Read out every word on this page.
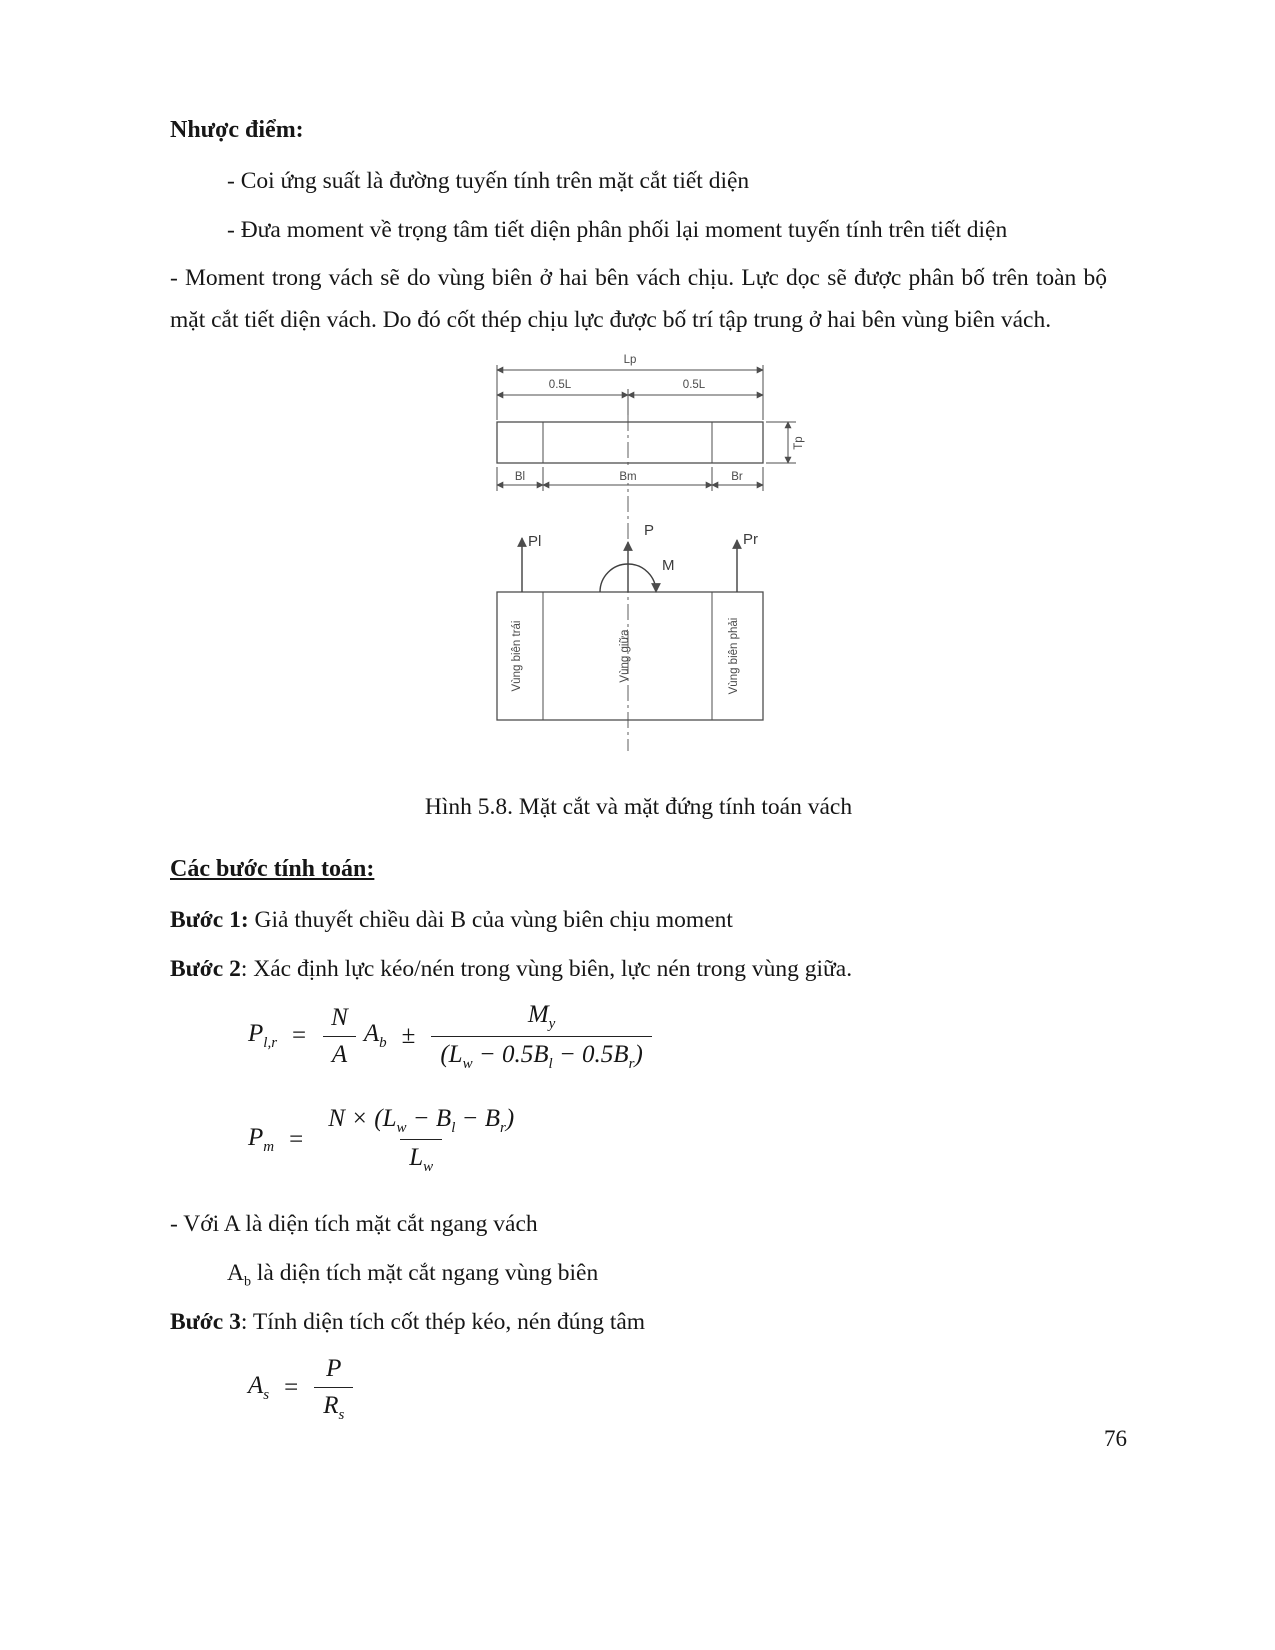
Nhược điểm:

- Coi ứng suất là đường tuyến tính trên mặt cắt tiết diện

- Đưa moment về trọng tâm tiết diện phân phối lại moment tuyến tính trên tiết diện

- Moment trong vách sẽ do vùng biên ở hai bên vách chịu. Lực dọc sẽ được phân bố trên toàn bộ mặt cắt tiết diện vách. Do đó cốt thép chịu lực được bố trí tập trung ở hai bên vùng biên vách.

Lp
0.5L	0.5L
Tp
Bl	Bm	Br
Pl
P
M
Pr
Vùng biên trái	Vùng giữa	Vùng biên phải

Hình 5.8. Mặt cắt và mặt đứng tính toán vách

Các bước tính toán:

Bước 1: Giả thuyết chiều dài B của vùng biên chịu moment

Bước 2: Xác định lực kéo/nén trong vùng biên, lực nén trong vùng giữa.

$P_{l,r} = \frac{N}{A} A_b \pm \frac{M_y}{(L_w - 0.5B_l - 0.5B_r)}$
$P_m = \frac{N \times (L_w - B_l - B_r)}{L_w}$

- Với A là diện tích mặt cắt ngang vách

$A_b$ là diện tích mặt cắt ngang vùng biên

Bước 3: Tính diện tích cốt thép kéo, nén đúng tâm

$A_s = \frac{P}{R_s}$
76
